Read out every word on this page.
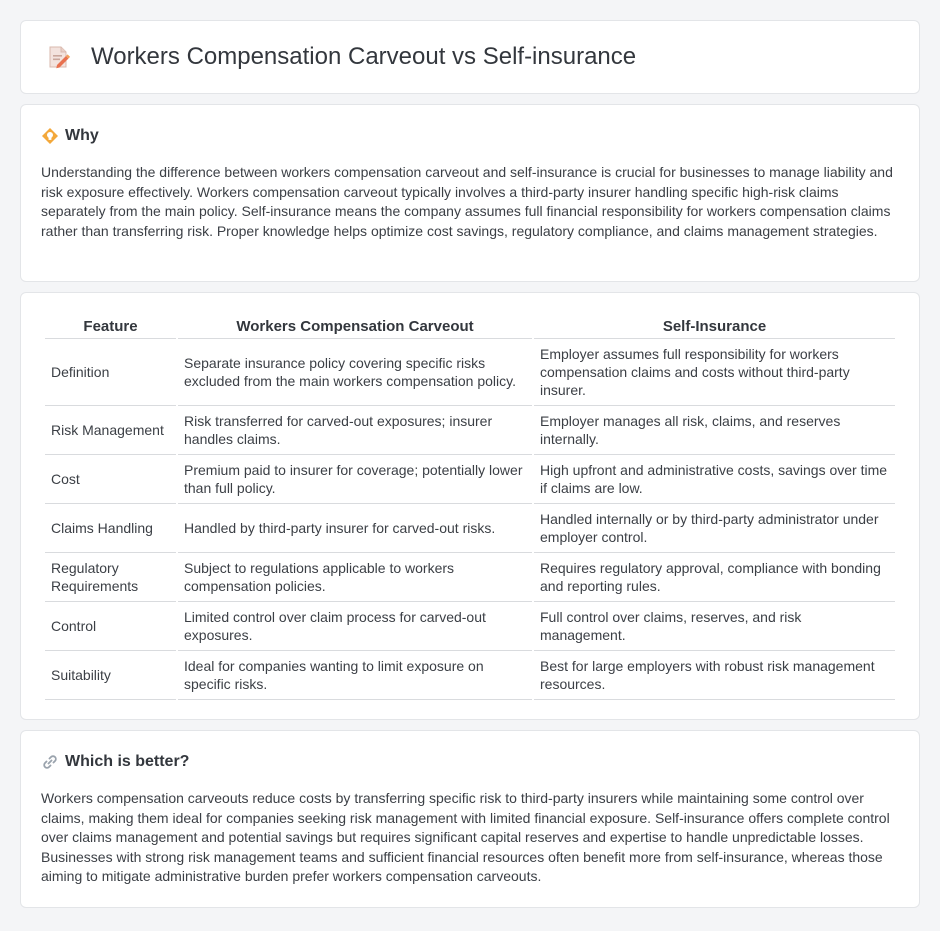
Workers Compensation Carveout vs Self-insurance
Why

Understanding the difference between workers compensation carveout and self-insurance is crucial for businesses to manage liability and risk exposure effectively. Workers compensation carveout typically involves a third-party insurer handling specific high-risk claims separately from the main policy. Self-insurance means the company assumes full financial responsibility for workers compensation claims rather than transferring risk. Proper knowledge helps optimize cost savings, regulatory compliance, and claims management strategies.

Feature	Workers Compensation Carveout	Self-Insurance
Definition	Separate insurance policy covering specific risks excluded from the main workers compensation policy.	Employer assumes full responsibility for workers compensation claims and costs without third-party insurer.
Risk Management	Risk transferred for carved-out exposures; insurer handles claims.	Employer manages all risk, claims, and reserves internally.
Cost	Premium paid to insurer for coverage; potentially lower than full policy.	High upfront and administrative costs, savings over time if claims are low.
Claims Handling	Handled by third-party insurer for carved-out risks.	Handled internally or by third-party administrator under employer control.
Regulatory Requirements	Subject to regulations applicable to workers compensation policies.	Requires regulatory approval, compliance with bonding and reporting rules.
Control	Limited control over claim process for carved-out exposures.	Full control over claims, reserves, and risk management.
Suitability	Ideal for companies wanting to limit exposure on specific risks.	Best for large employers with robust risk management resources.
Which is better?

Workers compensation carveouts reduce costs by transferring specific risk to third-party insurers while maintaining some control over claims, making them ideal for companies seeking risk management with limited financial exposure. Self-insurance offers complete control over claims management and potential savings but requires significant capital reserves and expertise to handle unpredictable losses. Businesses with strong risk management teams and sufficient financial resources often benefit more from self-insurance, whereas those aiming to mitigate administrative burden prefer workers compensation carveouts.
